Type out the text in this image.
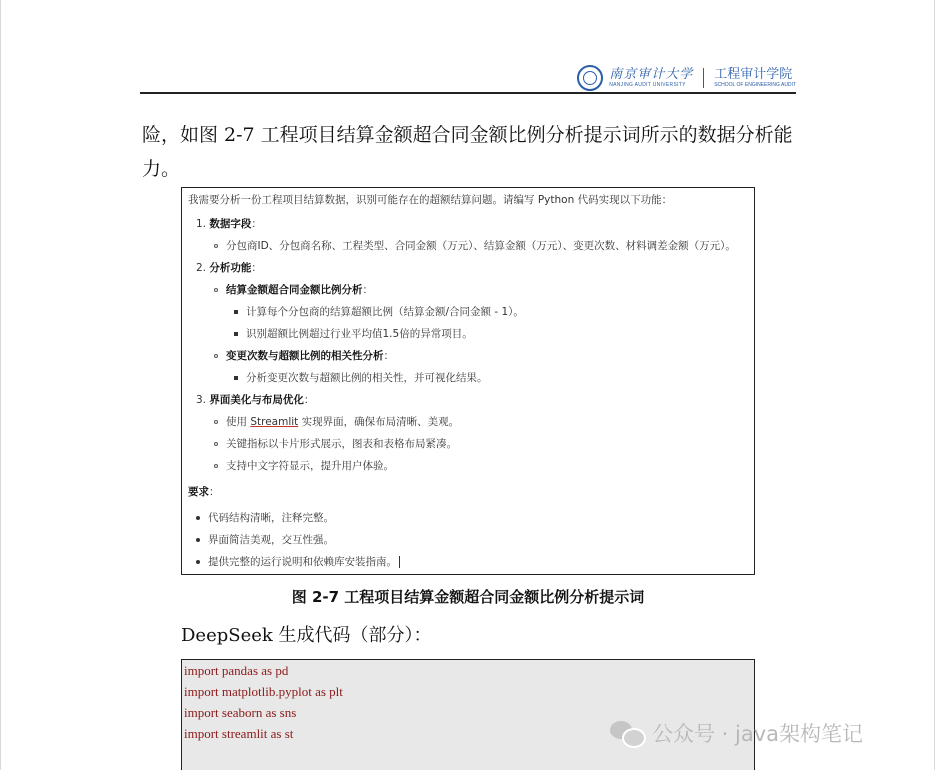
南京审计大学
NANJING AUDIT UNIVERSITY
工程审计学院
SCHOOL OF ENGINEERING AUDIT
险，如图 2-7 工程项目结算金额超合同金额比例分析提示词所示的数据分析能力。
我需要分析一份工程项目结算数据，识别可能存在的超额结算问题。请编写 Python 代码实现以下功能：
1. 数据字段：
分包商ID、分包商名称、工程类型、合同金额（万元）、结算金额（万元）、变更次数、材料调差金额（万元）。
2. 分析功能：
结算金额超合同金额比例分析：
计算每个分包商的结算超额比例（结算金额/合同金额 - 1）。
识别超额比例超过行业平均值1.5倍的异常项目。
变更次数与超额比例的相关性分析：
分析变更次数与超额比例的相关性，并可视化结果。
3. 界面美化与布局优化：
使用 Streamlit 实现界面，确保布局清晰、美观。
关键指标以卡片形式展示，图表和表格布局紧凑。
支持中文字符显示，提升用户体验。
要求：
代码结构清晰，注释完整。
界面简洁美观，交互性强。
提供完整的运行说明和依赖库安装指南。
图 2-7 工程项目结算金额超合同金额比例分析提示词
DeepSeek 生成代码（部分）：
import pandas as pd
import matplotlib.pyplot as plt
import seaborn as sns
import streamlit as st	公众号 · java架构笔记
